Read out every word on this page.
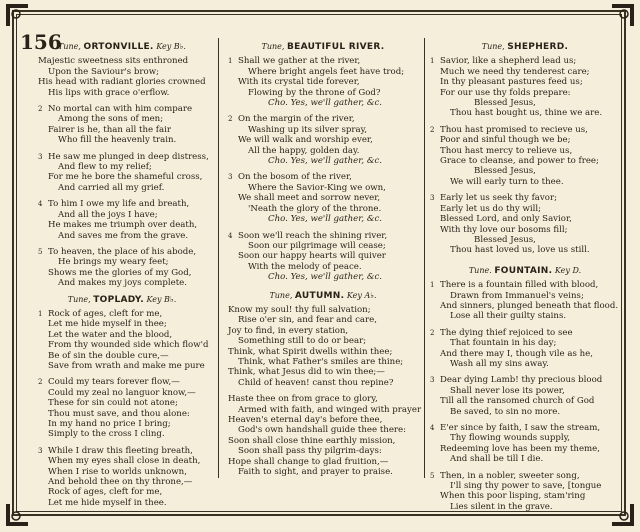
156
Tune, ORTONVILLE. Key B♭.
Majestic sweetness sits enthroned
Upon the Saviour's brow;
His head with radiant glories crowned
His lips with grace o'erflow.
2 No mortal can with him compare
Among the sons of men;
Fairer is he, than all the fair
Who fill the heavenly train.
3 He saw me plunged in deep distress,
And flew to my relief;
For me he bore the shameful cross,
And carried all my grief.
4 To him I owe my life and breath,
And all the joys I have;
He makes me triumph over death,
And saves me from the grave.
5 To heaven, the place of his abode,
He brings my weary feet;
Shows me the glories of my God,
And makes my joys complete.
Tune, TOPLADY. Key B♭.
1 Rock of ages, cleft for me,
Let me hide myself in thee;
Let the water and the blood,
From thy wounded side which flow'd
Be of sin the double cure,—
Save from wrath and make me pure
2 Could my tears forever flow,—
Could my zeal no languor know,—
These for sin could not atone;
Thou must save, and thou alone:
In my hand no price I bring;
Simply to the cross I cling.
3 While I draw this fleeting breath,
When my eyes shall close in death,
When I rise to worlds unknown,
And behold thee on thy throne,—
Rock of ages, cleft for me,
Let me hide myself in thee.
Tune, BEAUTIFUL RIVER.
1 Shall we gather at the river,
Where bright angels feet have trod;
With its crystal tide forever,
Flowing by the throne of God?
Cho. Yes, we'll gather, &c.
2 On the margin of the river,
Washing up its silver spray,
We will walk and worship ever,
All the happy, golden day.
Cho. Yes, we'll gather, &c.
3 On the bosom of the river,
Where the Savior-King we own,
We shall meet and sorrow never,
'Neath the glory of the throne.
Cho. Yes, we'll gather, &c.
4 Soon we'll reach the shining river,
Soon our pilgrimage will cease;
Soon our happy hearts will quiver
With the melody of peace.
Cho. Yes, we'll gather, &c.
Tune, AUTUMN. Key A♭.
Know my soul! thy full salvation;
Rise o'er sin, and fear and care,
Joy to find, in every station,
Something still to do or bear;
Think, what Spirit dwells within thee;
Think, what Father's smiles are thine;
Think, what Jesus did to win thee;—
Child of heaven! canst thou repine?
Haste thee on from grace to glory,
Armed with faith, and winged with prayer
Heaven's eternal day's before thee,
God's own handshall guide thee there:
Soon shall close thine earthly mission,
Soon shall pass thy pilgrim-days:
Hope shall change to glad fruition,—
Faith to sight, and prayer to praise.
Tune, SHEPHERD.
1 Savior, like a shepherd lead us;
Much we need thy tenderest care;
In thy pleasant pastures feed us;
For our use thy folds prepare:
Blessed Jesus,
Thou hast bought us, thine we are.
2 Thou hast promised to recieve us,
Poor and sinful though we be;
Thou hast mercy to relieve us,
Grace to cleanse, and power to free;
Blessed Jesus,
We will early turn to thee.
3 Early let us seek thy favor;
Early let us do thy will;
Blessed Lord, and only Savior,
With thy love our bosoms fill;
Blessed Jesus,
Thou hast loved us, love us still.
Tune. FOUNTAIN. Key D.
1 There is a fountain filled with blood,
Drawn from Immanuel's veins;
And sinners, plunged beneath that flood.
Lose all their guilty stains.
2 The dying thief rejoiced to see
That fountain in his day;
And there may I, though vile as he,
Wash all my sins away.
3 Dear dying Lamb! thy precious blood
Shall never lose its power,
Till all the ransomed church of God
Be saved, to sin no more.
4 E'er since by faith, I saw the stream,
Thy flowing wounds supply,
Redeeming love has been my theme,
And shall be till I die.
5 Then, in a nobler, sweeter song,
I'll sing thy power to save, [tongue
When this poor lisping, stam'ring
Lies silent in the grave.
